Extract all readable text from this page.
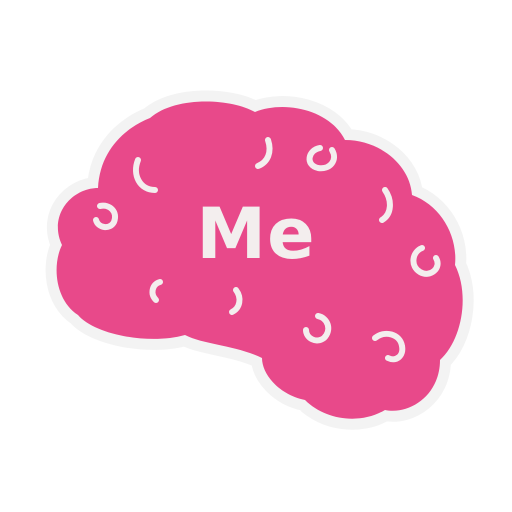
Me
